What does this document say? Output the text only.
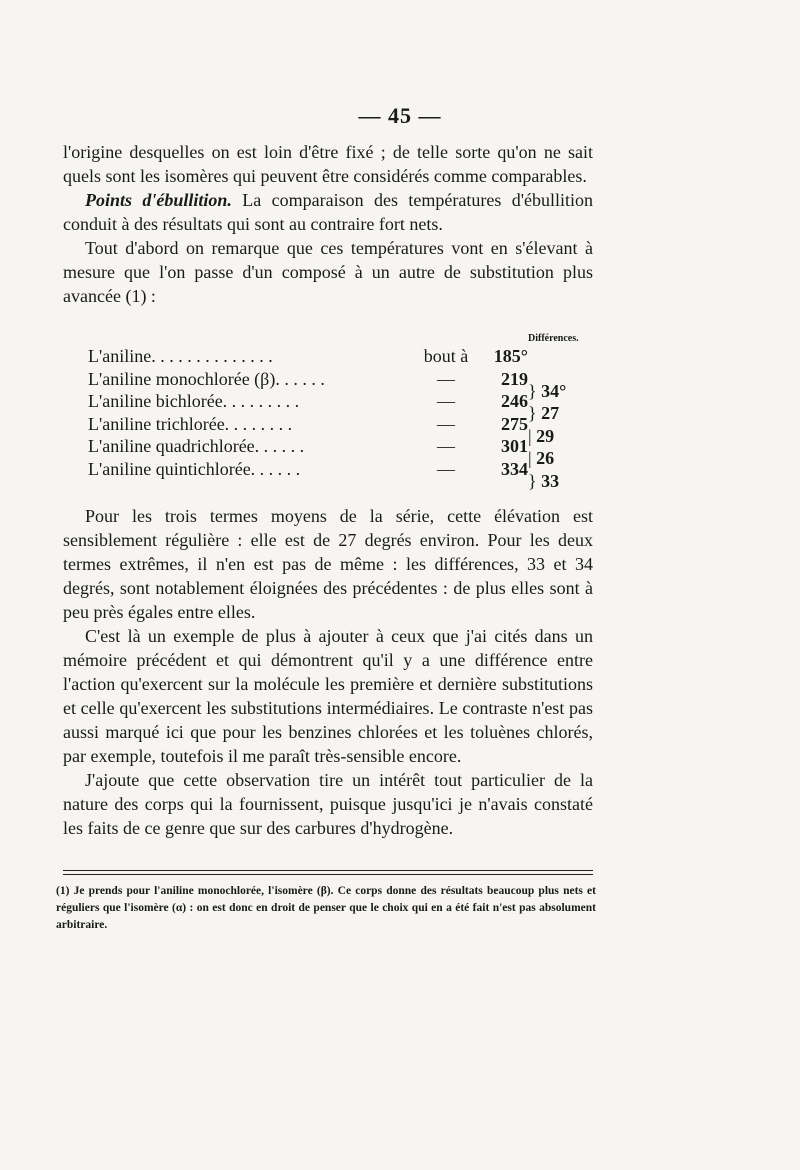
— 45 —

l'origine desquelles on est loin d'être fixé ; de telle sorte qu'on ne sait quels sont les isomères qui peuvent être considérés comme comparables.

Points d'ébullition. La comparaison des températures d'ébullition conduit à des résultats qui sont au contraire fort nets.

Tout d'abord on remarque que ces températures vont en s'élevant à mesure que l'on passe d'un composé à un autre de substitution plus avancée (1) :

Différences.
L'aniline. . . . . . . . . . . . . .	bout à	185°
L'aniline monochlorée (β). . . . . .	—	219
} 34°
L'aniline bichlorée. . . . . . . . .	—	246
} 27
L'aniline trichlorée. . . . . . . .	—	275
| 29
L'aniline quadrichlorée. . . . . .	—	301
| 26
L'aniline quintichlorée. . . . . .	—	334
} 33

Pour les trois termes moyens de la série, cette élévation est sensiblement régulière : elle est de 27 degrés environ. Pour les deux termes extrêmes, il n'en est pas de même : les différences, 33 et 34 degrés, sont notablement éloignées des précédentes : de plus elles sont à peu près égales entre elles.

C'est là un exemple de plus à ajouter à ceux que j'ai cités dans un mémoire précédent et qui démontrent qu'il y a une différence entre l'action qu'exercent sur la molécule les première et dernière substitutions et celle qu'exercent les substitutions intermédiaires. Le contraste n'est pas aussi marqué ici que pour les benzines chlorées et les toluènes chlorés, par exemple, toutefois il me paraît très-sensible encore.

J'ajoute que cette observation tire un intérêt tout particulier de la nature des corps qui la fournissent, puisque jusqu'ici je n'avais constaté les faits de ce genre que sur des carbures d'hydrogène.

(1) Je prends pour l'aniline monochlorée, l'isomère (β). Ce corps donne des résultats beaucoup plus nets et réguliers que l'isomère (α) : on est donc en droit de penser que le choix qui en a été fait n'est pas absolument arbitraire.
